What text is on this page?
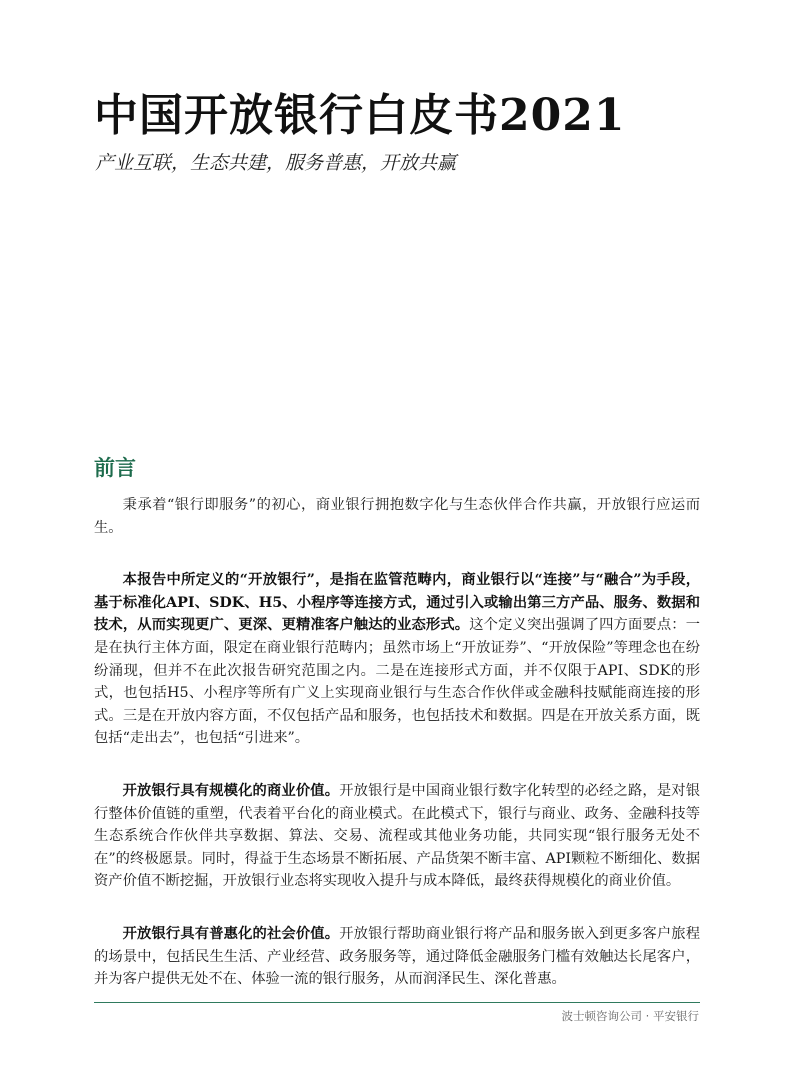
中国开放银行白皮书2021

产业互联，生态共建，服务普惠，开放共赢

前言

秉承着“银行即服务”的初心，商业银行拥抱数字化与生态伙伴合作共赢，开放银行应运而生。

本报告中所定义的“开放银行”，是指在监管范畴内，商业银行以“连接”与“融合”为手段，基于标准化API、SDK、H5、小程序等连接方式，通过引入或输出第三方产品、服务、数据和技术，从而实现更广、更深、更精准客户触达的业态形式。这个定义突出强调了四方面要点：一是在执行主体方面，限定在商业银行范畴内；虽然市场上“开放证券”、“开放保险”等理念也在纷纷涌现，但并不在此次报告研究范围之内。二是在连接形式方面，并不仅限于API、SDK的形式，也包括H5、小程序等所有广义上实现商业银行与生态合作伙伴或金融科技赋能商连接的形式。三是在开放内容方面，不仅包括产品和服务，也包括技术和数据。四是在开放关系方面，既包括“走出去”，也包括“引进来”。

开放银行具有规模化的商业价值。开放银行是中国商业银行数字化转型的必经之路，是对银行整体价值链的重塑，代表着平台化的商业模式。在此模式下，银行与商业、政务、金融科技等生态系统合作伙伴共享数据、算法、交易、流程或其他业务功能，共同实现“银行服务无处不在”的终极愿景。同时，得益于生态场景不断拓展、产品货架不断丰富、API颗粒不断细化、数据资产价值不断挖掘，开放银行业态将实现收入提升与成本降低，最终获得规模化的商业价值。

开放银行具有普惠化的社会价值。开放银行帮助商业银行将产品和服务嵌入到更多客户旅程的场景中，包括民生生活、产业经营、政务服务等，通过降低金融服务门槛有效触达长尾客户，并为客户提供无处不在、体验一流的银行服务，从而润泽民生、深化普惠。

波士顿咨询公司 · 平安银行
